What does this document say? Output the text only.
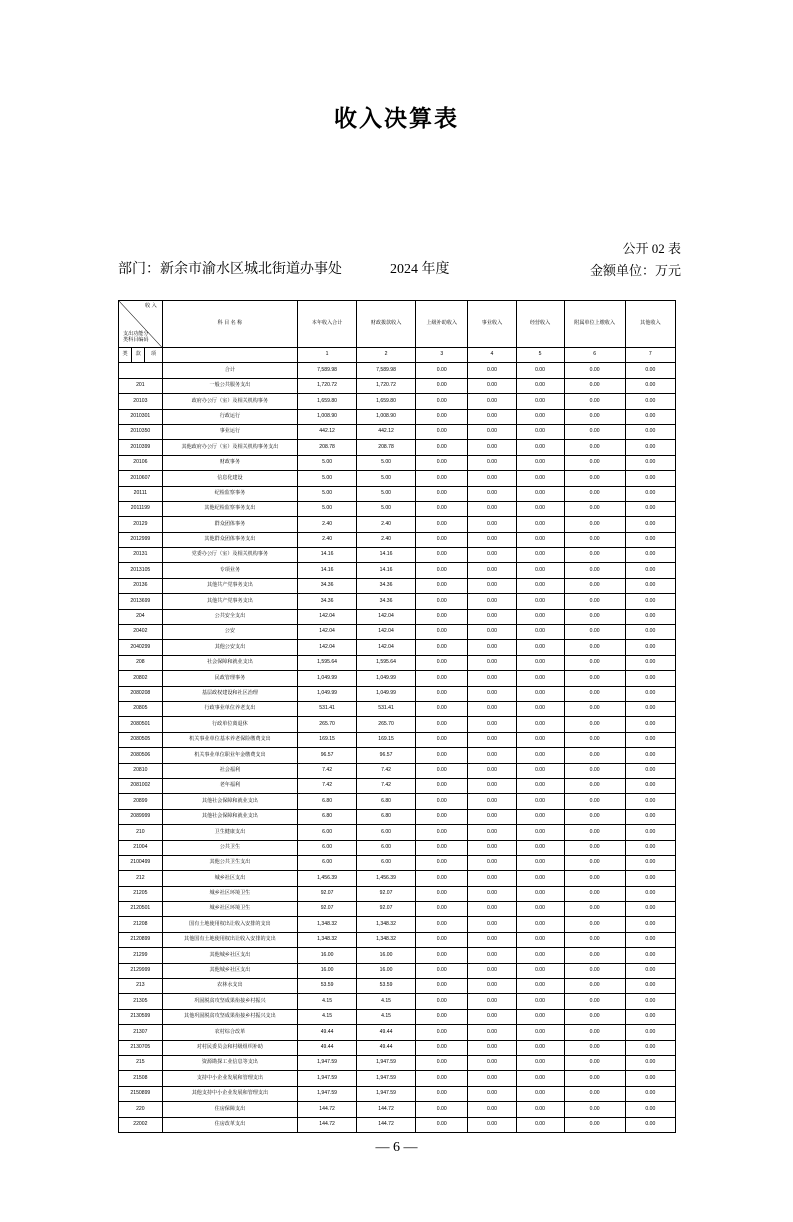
收入决算表
公开 02 表
金额单位：万元
部门：新余市渝水区城北街道办事处	2024 年度
收 入
支出功能分
类科目编码			科 目 名 称	本年收入合计	财政拨款收入	上级补助收入	事业收入	经营收入	附属单位上缴收入	其他收入

类	款	项		1	2	3	4	5	6	7
			合计	7,589.98	7,589.98	0.00	0.00	0.00	0.00	0.00
201			一般公共服务支出	1,720.72	1,720.72	0.00	0.00	0.00	0.00	0.00
20103			政府办公厅（室）及相关机构事务	1,659.80	1,659.80	0.00	0.00	0.00	0.00	0.00
2010301			行政运行	1,008.90	1,008.90	0.00	0.00	0.00	0.00	0.00
2010350			事业运行	442.12	442.12	0.00	0.00	0.00	0.00	0.00
2010399			其他政府办公厅（室）及相关机构事务支出	208.78	208.78	0.00	0.00	0.00	0.00	0.00
20106			财政事务	5.00	5.00	0.00	0.00	0.00	0.00	0.00
2010607			信息化建设	5.00	5.00	0.00	0.00	0.00	0.00	0.00
20111			纪检监察事务	5.00	5.00	0.00	0.00	0.00	0.00	0.00
2011199			其他纪检监察事务支出	5.00	5.00	0.00	0.00	0.00	0.00	0.00
20129			群众团体事务	2.40	2.40	0.00	0.00	0.00	0.00	0.00
2012999			其他群众团体事务支出	2.40	2.40	0.00	0.00	0.00	0.00	0.00
20131			党委办公厅（室）及相关机构事务	14.16	14.16	0.00	0.00	0.00	0.00	0.00
2013105			专项业务	14.16	14.16	0.00	0.00	0.00	0.00	0.00
20136			其他共产党事务支出	34.36	34.36	0.00	0.00	0.00	0.00	0.00
2013699			其他共产党事务支出	34.36	34.36	0.00	0.00	0.00	0.00	0.00
204			公共安全支出	142.04	142.04	0.00	0.00	0.00	0.00	0.00
20402			公安	142.04	142.04	0.00	0.00	0.00	0.00	0.00
2040299			其他公安支出	142.04	142.04	0.00	0.00	0.00	0.00	0.00
208			社会保障和就业支出	1,595.64	1,595.64	0.00	0.00	0.00	0.00	0.00
20802			民政管理事务	1,049.99	1,049.99	0.00	0.00	0.00	0.00	0.00
2080208			基层政权建设和社区治理	1,049.99	1,049.99	0.00	0.00	0.00	0.00	0.00
20805			行政事业单位养老支出	531.41	531.41	0.00	0.00	0.00	0.00	0.00
2080501			行政单位离退休	265.70	265.70	0.00	0.00	0.00	0.00	0.00
2080505			机关事业单位基本养老保险缴费支出	169.15	169.15	0.00	0.00	0.00	0.00	0.00
2080506			机关事业单位职业年金缴费支出	96.57	96.57	0.00	0.00	0.00	0.00	0.00
20810			社会福利	7.42	7.42	0.00	0.00	0.00	0.00	0.00
2081002			老年福利	7.42	7.42	0.00	0.00	0.00	0.00	0.00
20899			其他社会保障和就业支出	6.80	6.80	0.00	0.00	0.00	0.00	0.00
2089999			其他社会保障和就业支出	6.80	6.80	0.00	0.00	0.00	0.00	0.00
210			卫生健康支出	6.00	6.00	0.00	0.00	0.00	0.00	0.00
21004			公共卫生	6.00	6.00	0.00	0.00	0.00	0.00	0.00
2100499			其他公共卫生支出	6.00	6.00	0.00	0.00	0.00	0.00	0.00
212			城乡社区支出	1,456.39	1,456.39	0.00	0.00	0.00	0.00	0.00
21205			城乡社区环境卫生	92.07	92.07	0.00	0.00	0.00	0.00	0.00
2120501			城乡社区环境卫生	92.07	92.07	0.00	0.00	0.00	0.00	0.00
21208			国有土地使用权出让收入安排的支出	1,348.32	1,348.32	0.00	0.00	0.00	0.00	0.00
2120899			其他国有土地使用权出让收入安排的支出	1,348.32	1,348.32	0.00	0.00	0.00	0.00	0.00
21299			其他城乡社区支出	16.00	16.00	0.00	0.00	0.00	0.00	0.00
2129999			其他城乡社区支出	16.00	16.00	0.00	0.00	0.00	0.00	0.00
213			农林水支出	53.59	53.59	0.00	0.00	0.00	0.00	0.00
21305			巩固脱贫攻坚成果衔接乡村振兴	4.15	4.15	0.00	0.00	0.00	0.00	0.00
2130599			其他巩固脱贫攻坚成果衔接乡村振兴支出	4.15	4.15	0.00	0.00	0.00	0.00	0.00
21307			农村综合改革	49.44	49.44	0.00	0.00	0.00	0.00	0.00
2130705			对村民委员会和村级组织补助	49.44	49.44	0.00	0.00	0.00	0.00	0.00
215			资源勘探工业信息等支出	1,947.59	1,947.59	0.00	0.00	0.00	0.00	0.00
21508			支持中小企业发展和管理支出	1,947.59	1,947.59	0.00	0.00	0.00	0.00	0.00
2150899			其他支持中小企业发展和管理支出	1,947.59	1,947.59	0.00	0.00	0.00	0.00	0.00
220			住房保障支出	144.72	144.72	0.00	0.00	0.00	0.00	0.00
22002			住房改革支出	144.72	144.72	0.00	0.00	0.00	0.00	0.00
— 6 —
